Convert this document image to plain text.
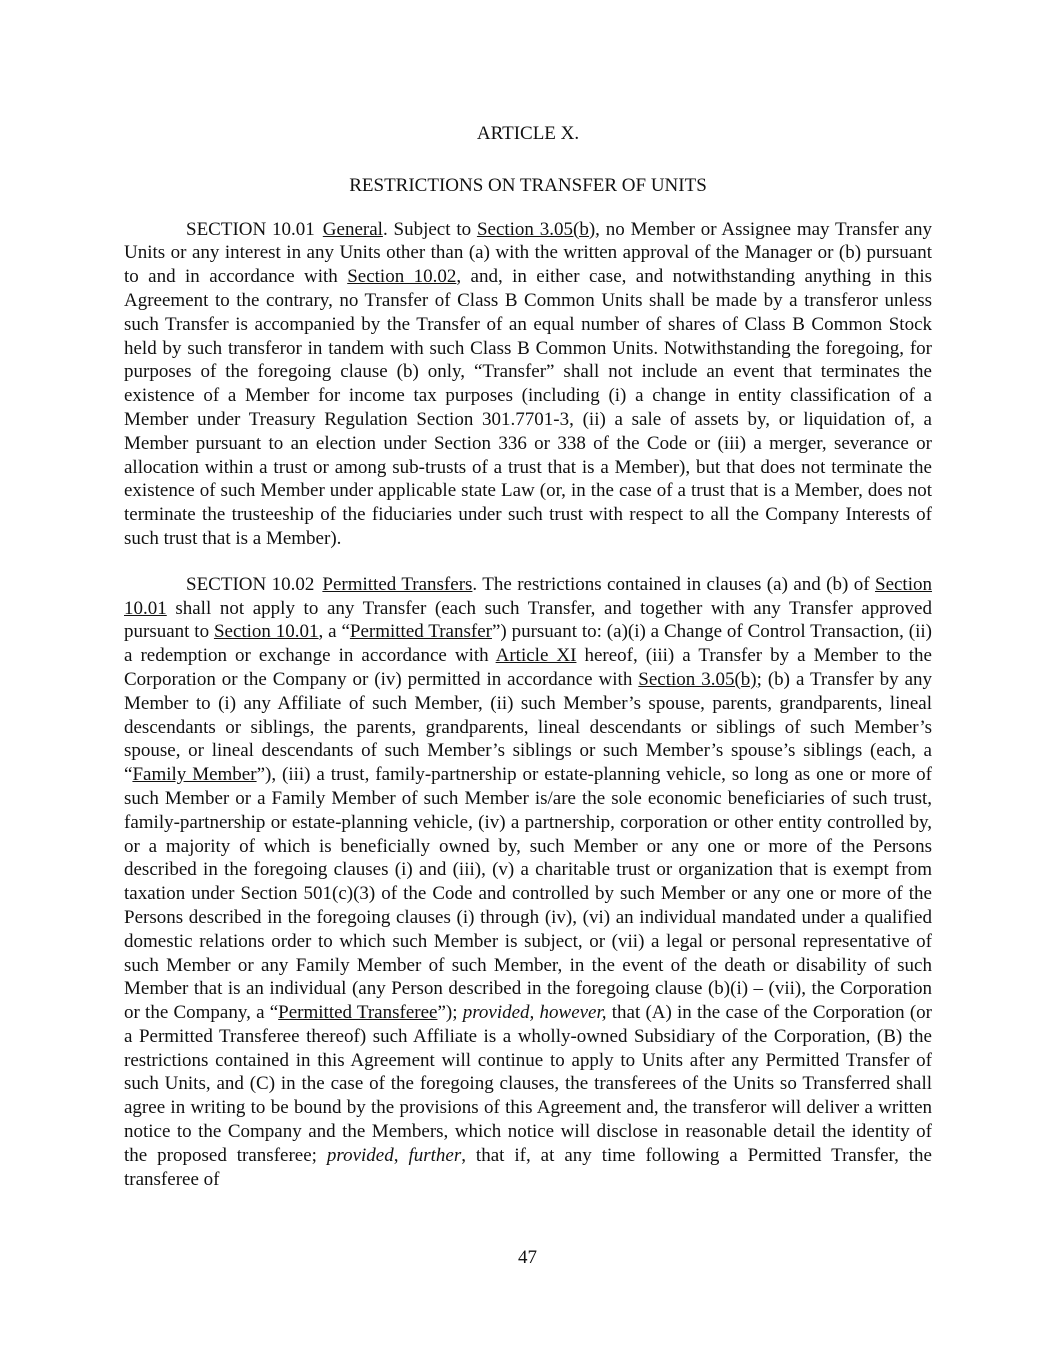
ARTICLE X.

RESTRICTIONS ON TRANSFER OF UNITS

SECTION 10.01 General. Subject to Section 3.05(b), no Member or Assignee may Transfer any Units or any interest in any Units other than (a) with the written approval of the Manager or (b) pursuant to and in accordance with Section 10.02, and, in either case, and notwithstanding anything in this Agreement to the contrary, no Transfer of Class B Common Units shall be made by a transferor unless such Transfer is accompanied by the Transfer of an equal number of shares of Class B Common Stock held by such transferor in tandem with such Class B Common Units. Notwithstanding the foregoing, for purposes of the foregoing clause (b) only, “Transfer” shall not include an event that terminates the existence of a Member for income tax purposes (including (i) a change in entity classification of a Member under Treasury Regulation Section 301.7701-3, (ii) a sale of assets by, or liquidation of, a Member pursuant to an election under Section 336 or 338 of the Code or (iii) a merger, severance or allocation within a trust or among sub-trusts of a trust that is a Member), but that does not terminate the existence of such Member under applicable state Law (or, in the case of a trust that is a Member, does not terminate the trusteeship of the fiduciaries under such trust with respect to all the Company Interests of such trust that is a Member).

SECTION 10.02 Permitted Transfers. The restrictions contained in clauses (a) and (b) of Section 10.01 shall not apply to any Transfer (each such Transfer, and together with any Transfer approved pursuant to Section 10.01, a “Permitted Transfer”) pursuant to: (a)(i) a Change of Control Transaction, (ii) a redemption or exchange in accordance with Article XI hereof, (iii) a Transfer by a Member to the Corporation or the Company or (iv) permitted in accordance with Section 3.05(b); (b) a Transfer by any Member to (i) any Affiliate of such Member, (ii) such Member’s spouse, parents, grandparents, lineal descendants or siblings, the parents, grandparents, lineal descendants or siblings of such Member’s spouse, or lineal descendants of such Member’s siblings or such Member’s spouse’s siblings (each, a “Family Member”), (iii) a trust, family-partnership or estate-planning vehicle, so long as one or more of such Member or a Family Member of such Member is/are the sole economic beneficiaries of such trust, family-partnership or estate-planning vehicle, (iv) a partnership, corporation or other entity controlled by, or a majority of which is beneficially owned by, such Member or any one or more of the Persons described in the foregoing clauses (i) and (iii), (v) a charitable trust or organization that is exempt from taxation under Section 501(c)(3) of the Code and controlled by such Member or any one or more of the Persons described in the foregoing clauses (i) through (iv), (vi) an individual mandated under a qualified domestic relations order to which such Member is subject, or (vii) a legal or personal representative of such Member or any Family Member of such Member, in the event of the death or disability of such Member that is an individual (any Person described in the foregoing clause (b)(i) – (vii), the Corporation or the Company, a “Permitted Transferee”); provided, however, that (A) in the case of the Corporation (or a Permitted Transferee thereof) such Affiliate is a wholly-owned Subsidiary of the Corporation, (B) the restrictions contained in this Agreement will continue to apply to Units after any Permitted Transfer of such Units, and (C) in the case of the foregoing clauses, the transferees of the Units so Transferred shall agree in writing to be bound by the provisions of this Agreement and, the transferor will deliver a written notice to the Company and the Members, which notice will disclose in reasonable detail the identity of the proposed transferee; provided, further, that if, at any time following a Permitted Transfer, the transferee of

47
